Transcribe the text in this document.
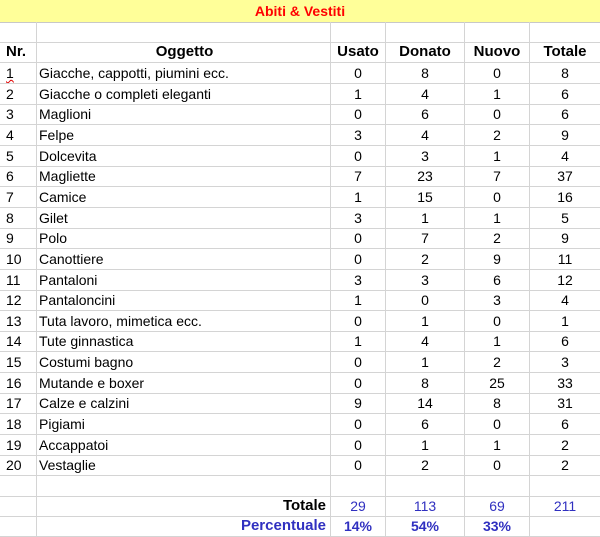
Abiti & Vestiti
Nr.	Oggetto	Usato	Donato	Nuovo	Totale
1	Giacche, cappotti, piumini ecc.	0	8	0	8
2	Giacche o completi eleganti	1	4	1	6
3	Maglioni	0	6	0	6
4	Felpe	3	4	2	9
5	Dolcevita	0	3	1	4
6	Magliette	7	23	7	37
7	Camice	1	15	0	16
8	Gilet	3	1	1	5
9	Polo	0	7	2	9
10	Canottiere	0	2	9	11
11	Pantaloni	3	3	6	12
12	Pantaloncini	1	0	3	4
13	Tuta lavoro, mimetica ecc.	0	1	0	1
14	Tute ginnastica	1	4	1	6
15	Costumi bagno	0	1	2	3
16	Mutande e boxer	0	8	25	33
17	Calze e calzini	9	14	8	31
18	Pigiami	0	6	0	6
19	Accappatoi	0	1	1	2
20	Vestaglie	0	2	0	2
Totale	29	113	69	211
Percentuale	14%	54%	33%
